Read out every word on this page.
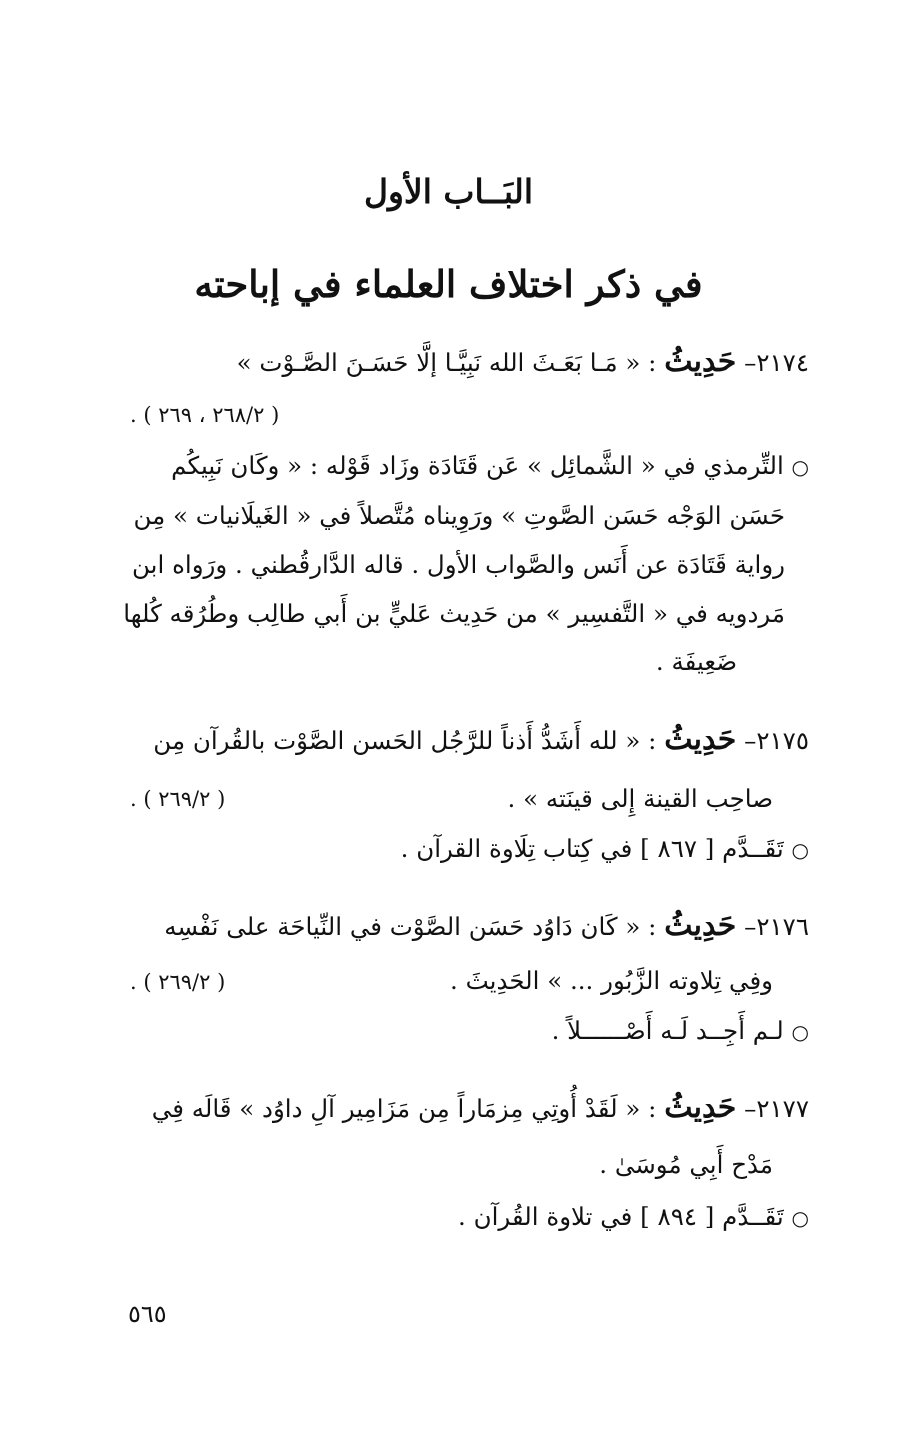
البَــاب الأول
في ذكر اختلاف العلماء في إباحته
٢١٧٤– حَدِيثُ : « مَـا بَعَـثَ الله نَبِيَّـا إلَّا حَسَـنَ الصَّـوْت »
( ٢٦٨/٢ ، ٢٦٩ ) .
○ التِّرمذي في « الشَّمائِل » عَن قَتَادَة وزَاد قَوْله : « وكَان نَبِيكُم
حَسَن الوَجْه حَسَن الصَّوتِ » ورَوِيناه مُتَّصلاً في « الغَيلَانيات » مِن
رواية قَتَادَة عن أَنَس والصَّواب الأول . قاله الدَّارقُطني . ورَواه ابن
مَردويه في « التَّفسِير » من حَدِيث عَليٍّ بن أَبي طالِب وطُرُقه كُلها
ضَعِيفَة .
٢١٧٥– حَدِيثُ : « لله أَشَدُّ أَذناً للرَّجُل الحَسن الصَّوْت بالقُرآن مِن
صاحِب القينة إِلى قينَته » .
( ٢٦٩/٢ ) .
○ تَقَــدَّم [ ٨٦٧ ] في كِتاب تِلَاوة القرآن .
٢١٧٦– حَدِيثُ : « كَان دَاوُد حَسَن الصَّوْت في النِّياحَة على نَفْسِه
وفِي تِلاوته الزَّبُور ... » الحَدِيثَ .
( ٢٦٩/٢ ) .
○ لـم أَجِــد لَـه أَصْــــــلاً .
٢١٧٧– حَدِيثُ : « لَقَدْ أُوتِي مِزمَاراً مِن مَزَامِير آلِ داوُد » قَالَه فِي
مَدْح أَبِي مُوسَىٰ .
○ تَقَــدَّم [ ٨٩٤ ] في تلاوة القُرآن .
٥٦٥
